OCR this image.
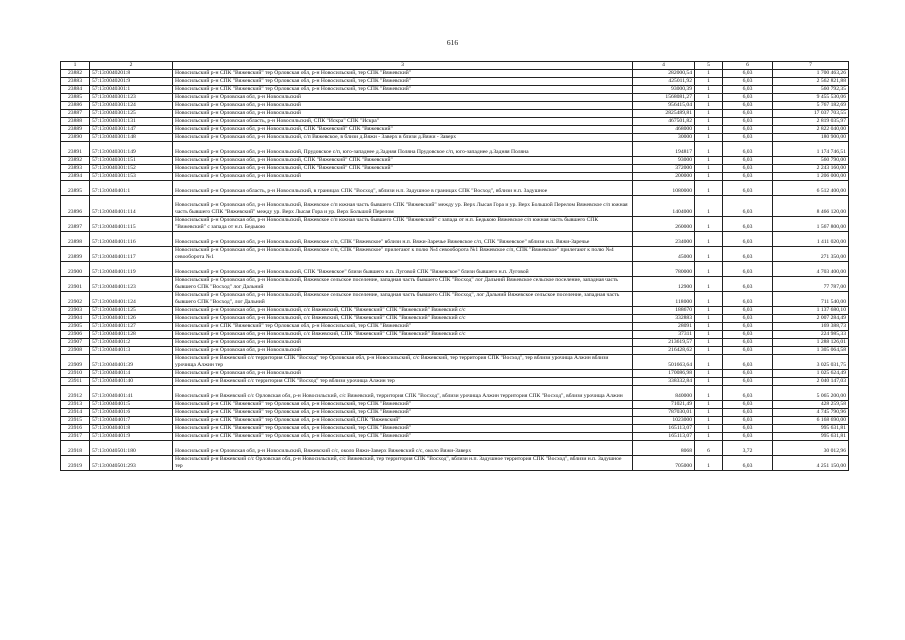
616
1	2	3	4	5	6	7
23882	57:13:0040201:8	Новосильский р-н СПК "Вяжевский" тер Орловская обл, р-н Новосильский, тер СПК "Вяжевский"	282000,54	1	6,03	1 700 463,26
23883	57:13:0040201:9	Новосильский р-н СПК "Вяжевский" тер Орловская обл, р-н Новосильский, тер СПК "Вяжевский"	425011,92	1	6,03	2 562 821,88
23884	57:13:0040301:1	Новосильский р-н СПК "Вяжевский" тер Орловская обл, р-н Новосильский, тер СПК "Вяжевский"	93000,39	1	6,03	560 792,35
23885	57:13:0040301:123	Новосильский р-н Орловская обл, р-н Новосильский	1568081,27	1	6,03	9 455 530,06
23886	57:13:0040301:124	Новосильский р-н Орловская обл, р-н Новосильский	956415,04	1	6,03	5 767 182,69
23887	57:13:0040301:125	Новосильский р-н Орловская обл, р-н Новосильский	2825489,81	1	6,03	17 037 703,55
23888	57:13:0040301:131	Новосильский р-н Орловская область, р-н Новосильский, СПК "Искра" СПК "Искра"	467501,82	1	6,03	2 819 035,97
23889	57:13:0040301:147	Новосильский р-н Орловская обл, р-н Новосильский, СПК "Вяжевский" СПК "Вяжевский"	468000	1	6,03	2 822 040,00
23890	57:13:0040301:148	Новосильский р-н Орловская обл, р-н Новосильский, с/п Вяжевское, в близи д.Вяжи - Заверх в близи д.Вяжи - Заверх	30000	1	6,03	180 900,00
23891	57:13:0040301:149	Новосильский р-н Орловская обл, р-н Новосильский, Прудовское с/п, юго-западнее д.Задняя Поляна Прудовское с/п, юго-западнее д.Задняя Поляна	194817	1	6,03	1 174 746,51
23892	57:13:0040301:151	Новосильский р-н Орловская обл, р-н Новосильский, СПК "Вяжевский" СПК "Вяжевский"	93000	1	6,03	560 790,00
23893	57:13:0040301:152	Новосильский р-н Орловская обл, р-н Новосильский, СПК "Вяжевский" СПК "Вяжевский"	372000	1	6,03	2 243 160,00
23894	57:13:0040301:153	Новосильский р-н Орловская обл, р-н Новосильский	200000	1	6,03	1 206 000,00
23895	57:13:0040401:1	Новосильский р-н Орловская область, р-н Новосильский, в границах СПК "Восход", вблизи н.п. Задушное в границах СПК "Восход", вблизи н.п. Задушное	1080000	1	6,03	6 512 400,00
23896	57:13:0040401:114	Новосильский р-н Орловская обл, р-н Новосильский, Вяжевское с/п южная часть бывшего СПК "Вяжевский" между ур. Верх Лысая Гора и ур. Верх Большой Перелом Вяжевское с/п южная часть бывшего СПК "Вяжевский" между ур. Верх Лысая Гора и ур. Верх Большой Перелом	1404000	1	6,03	8 466 120,00
23897	57:13:0040401:115	Новосильский р-н Орловская обл, р-н Новосильский, Вяжевское с/п южная часть бывшего СПК "Вяжевский" с запада от н.п. Бедькою Вяжевское с/п южная часть бывшего СПК "Вяжевский" с запада от н.п. Бедькою	260000	1	6,03	1 567 800,00
23898	57:13:0040401:116	Новосильский р-н Орловская обл, р-н Новосильский, Вяжевское с/п, СПК "Вяжевское" вблизи н.п. Вяжи-Заречье Вяжевское с/п, СПК "Вяжевское" вблизи н.п. Вяжи-Заречье	234000	1	6,03	1 411 020,00
23899	57:13:0040401:117	Новосильский р-н Орловская обл, р-н Новосильский, Вяжевское с/п, СПК "Вяжевское" прилегают к полю №4 севооборота №1 Вяжевское с/п, СПК "Вяжевское" прилегают к полю №4 севооборота №1	45000	1	6,03	271 350,00
23900	57:13:0040401:119	Новосильский р-н Орловская обл, р-н Новосильский, СПК "Вяжевское" близи бывшего н.п. Луговой СПК "Вяжевское" близи бывшего н.п. Луговой	780000	1	6,03	4 703 400,00
23901	57:13:0040401:123	Новосильский р-н Орловская обл, р-н Новосильский, Вяжевское сельское поселение, западная часть бывшего СПК "Восход" лог Дальний Вяжевское сельское поселение, западная часть бывшего СПК "Восход" лог Дальний	12900	1	6,03	77 787,00
23902	57:13:0040401:124	Новосильский р-н Орловская обл, р-н Новосильский, Вяжевское сельское поселение, западная часть бывшего СПК "Восход", лог Дальний Вяжевское сельское поселение, западная часть бывшего СПК "Восход", лог Дальний	118000	1	6,03	711 540,00
23903	57:13:0040401:125	Новосильский р-н Орловская обл, р-н Новосильский, с/с Вяжевский, СПК "Вяжевский" СПК "Вяжевский" Вяжевский с/с	188670	1	6,03	1 137 680,10
23904	57:13:0040401:126	Новосильский р-н Орловская обл, р-н Новосильский, с/с Вяжевский, СПК "Вяжевский" СПК "Вяжевский" Вяжевский с/с	332883	1	6,03	2 007 284,49
23905	57:13:0040401:127	Новосильский р-н СПК "Вяжевский" тер Орловская обл, р-н Новосильский, тер СПК "Вяжевский"	28091	1	6,03	169 388,73
23906	57:13:0040401:128	Новосильский р-н Орловская обл, р-н Новосильский, с/с Вяжевский, СПК "Вяжевский" СПК "Вяжевский" Вяжевский с/с	37311	1	6,03	224 985,33
23907	57:13:0040401:2	Новосильский р-н Орловская обл, р-н Новосильский	213619,57	1	6,03	1 288 126,01
23908	57:13:0040401:3	Новосильский р-н Орловская обл, р-н Новосильский	216428,62	1	6,03	1 305 064,58
23909	57:13:0040401:39	Новосильский р-н Вяжевский с/с территория СПК "Восход" тер Орловская обл, р-н Новосильский, с/с Вяжевский, тер территория СПК "Восход", тер вблизи урочища Алжин вблизи урочища Алжин тер	501663,64	1	6,03	3 025 031,75
23910	57:13:0040401:4	Новосильский р-н Орловская обл, р-н Новосильский	170086,98	1	6,03	1 025 624,49
23911	57:13:0040401:40	Новосильский р-н Вяжевский с/с территория СПК "Восход" тер вблизи урочища Алжин тер	338332,84	1	6,03	2 040 147,03
23912	57:13:0040401:41	Новосильский р-н Вяжевский с/с Орловская обл, р-н Новосильский, с/с Вяжевский, территория СПК "Восход", вблизи урочища Алжин территория СПК "Восход", вблизи урочища Алжин	840000	1	6,03	5 065 200,00
23913	57:13:0040401:5	Новосильский р-н СПК "Вяжевский" тер Орловская обл, р-н Новосильский, тер СПК "Вяжевский"	71021,49	1	6,03	428 259,58
23914	57:13:0040401:6	Новосильский р-н СПК "Вяжевский" тер Орловская обл, р-н Новосильский, тер СПК "Вяжевский"	787030,01	1	6,03	4 745 790,96
23915	57:13:0040401:7	Новосильский р-н СПК "Вяжевский" тер Орловская обл, р-н Новосильский,СПК "Вяжевский"	1023000	1	6,03	6 168 690,00
23916	57:13:0040401:8	Новосильский р-н СПК "Вяжевский" тер Орловская обл, р-н Новосильский, тер СПК "Вяжевский"	165113,07	1	6,03	995 631,81
23917	57:13:0040401:9	Новосильский р-н СПК "Вяжевский" тер Орловская обл, р-н Новосильский, тер СПК "Вяжевский"	165113,07	1	6,03	995 631,81
23918	57:13:0040501:180	Новосильский р-н Орловская обл, р-н Новосильский, Вяжевский с/с, около Вяжи-Заверх Вяжевский с/с, около Вяжи-Заверх	8068	6	3,72	30 012,96
23919	57:13:0040501:293	Новосильский р-н Вяжевский с/с Орловская обл, р-н Новосильский, с/с Вяжевский, тер территория СПК "Восход", вблизи н.п. Задушное территория СПК "Восход", вблизи н.п. Задушное тер	705000	1	6,03	4 251 150,00
